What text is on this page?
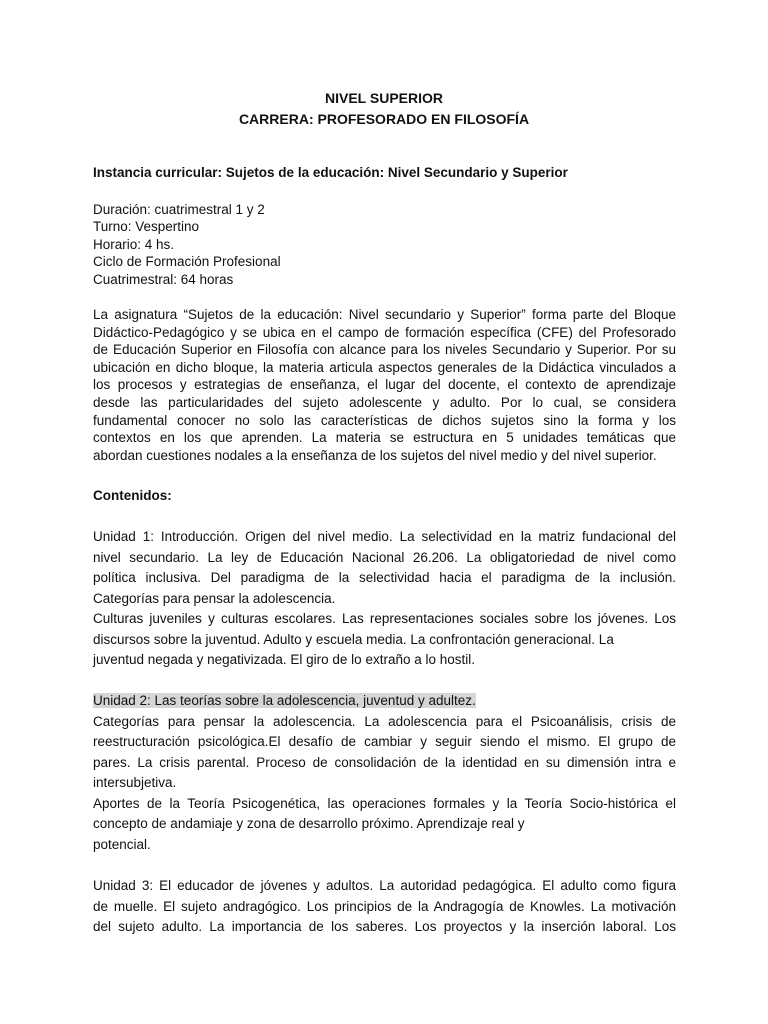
NIVEL SUPERIOR

CARRERA: PROFESORADO EN FILOSOFÍA

Instancia curricular: Sujetos de la educación: Nivel Secundario y Superior

Duración: cuatrimestral 1 y 2
Turno: Vespertino
Horario: 4 hs.
Ciclo de Formación Profesional
Cuatrimestral: 64 horas
La asignatura “Sujetos de la educación: Nivel secundario y Superior” forma parte del Bloque
Didáctico-Pedagógico y se ubica en el campo de formación específica (CFE) del Profesorado
de Educación Superior en Filosofía con alcance para los niveles Secundario y Superior. Por su
ubicación en dicho bloque, la materia articula aspectos generales de la Didáctica vinculados a
los procesos y estrategias de enseñanza, el lugar del docente, el contexto de aprendizaje
desde las particularidades del sujeto adolescente y adulto. Por lo cual, se considera
fundamental conocer no solo las características de dichos sujetos sino la forma y los
contextos en los que aprenden. La materia se estructura en 5 unidades temáticas que
abordan cuestiones nodales a la enseñanza de los sujetos del nivel medio y del nivel superior.

Contenidos:

Unidad 1: Introducción. Origen del nivel medio. La selectividad en la matriz fundacional del
nivel secundario. La ley de Educación Nacional 26.206. La obligatoriedad de nivel como
política inclusiva. Del paradigma de la selectividad hacia el paradigma de la inclusión.
Categorías para pensar la adolescencia.
Culturas juveniles y culturas escolares. Las representaciones sociales sobre los jóvenes. Los
discursos sobre la juventud. Adulto y escuela media. La confrontación generacional. La
juventud negada y negativizada. El giro de lo extraño a lo hostil.
Unidad 2: Las teorías sobre la adolescencia, juventud y adultez.
Categorías para pensar la adolescencia. La adolescencia para el Psicoanálisis, crisis de
reestructuración psicológica.El desafío de cambiar y seguir siendo el mismo. El grupo de
pares. La crisis parental. Proceso de consolidación de la identidad en su dimensión intra e
intersubjetiva.
Aportes de la Teoría Psicogenética, las operaciones formales y la Teoría Socio-histórica el
concepto de andamiaje y zona de desarrollo próximo. Aprendizaje real y
potencial.
Unidad 3: El educador de jóvenes y adultos. La autoridad pedagógica. El adulto como figura
de muelle. El sujeto andragógico. Los principios de la Andragogía de Knowles. La motivación
del sujeto adulto. La importancia de los saberes. Los proyectos y la inserción laboral. Los
